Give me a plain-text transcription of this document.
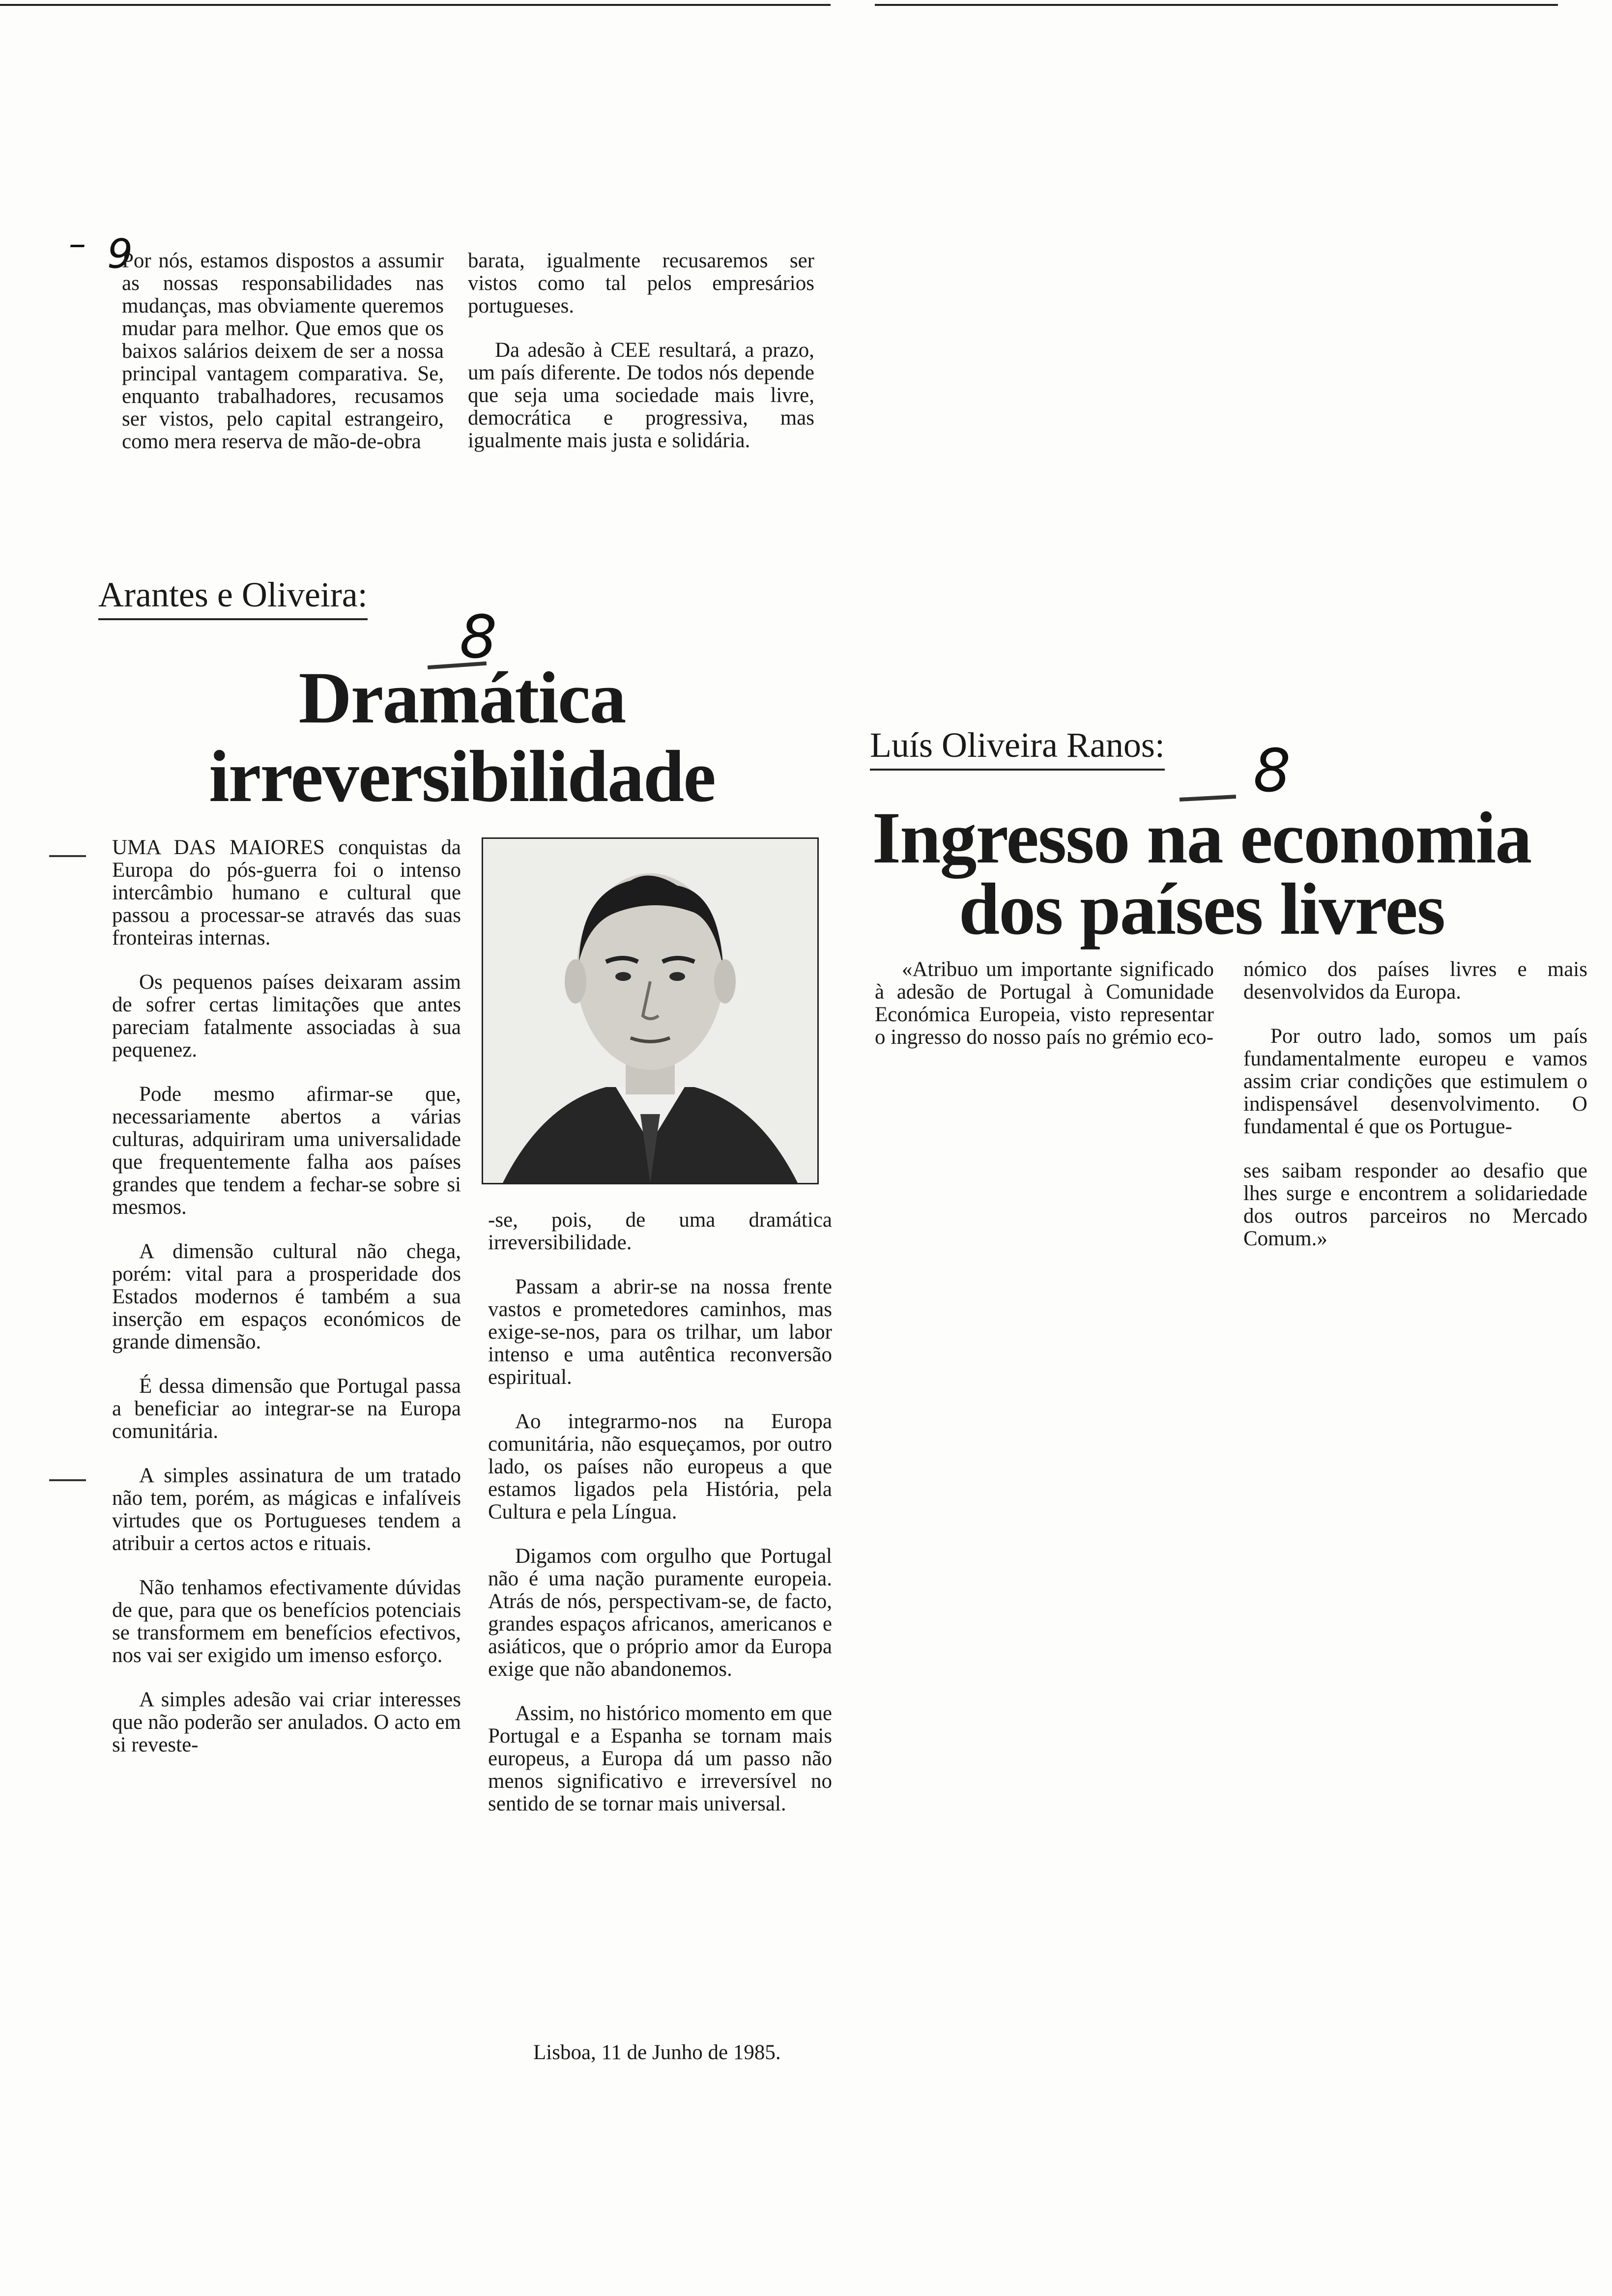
– 9

Por nós, estamos dispostos a assumir as nossas responsabilidades nas mudanças, mas obviamente queremos mudar para melhor. Que emos que os baixos salários deixem de ser a nossa principal vantagem comparativa. Se, enquanto trabalhadores, recusamos ser vistos, pelo capital estrangeiro, como mera reserva de mão-de-obra

barata, igualmente recusaremos ser vistos como tal pelos empresários portugueses.

Da adesão à CEE resultará, a prazo, um país diferente. De todos nós depende que seja uma sociedade mais livre, democrática e progressiva, mas igualmente mais justa e solidária.

Arantes e Oliveira:
8
Dramática
irreversibilidade

UMA DAS MAIORES conquistas da Europa do pós-guerra foi o intenso intercâmbio humano e cultural que passou a processar-se através das suas fronteiras internas.

Os pequenos países deixaram assim de sofrer certas limitações que antes pareciam fatalmente associadas à sua pequenez.

Pode mesmo afirmar-se que, necessariamente abertos a várias culturas, adquiriram uma universalidade que frequentemente falha aos países grandes que tendem a fechar-se sobre si mesmos.

A dimensão cultural não chega, porém: vital para a prosperidade dos Estados modernos é também a sua inserção em espaços económicos de grande dimensão.

É dessa dimensão que Portugal passa a beneficiar ao integrar-se na Europa comunitária.

A simples assinatura de um tratado não tem, porém, as mágicas e infalíveis virtudes que os Portugueses tendem a atribuir a certos actos e rituais.

Não tenhamos efectivamente dúvidas de que, para que os benefícios potenciais se transformem em benefícios efectivos, nos vai ser exigido um imenso esforço.

A simples adesão vai criar interesses que não poderão ser anulados. O acto em si reveste-

-se, pois, de uma dramática irreversibilidade.

Passam a abrir-se na nossa frente vastos e prometedores caminhos, mas exige-se-nos, para os trilhar, um labor intenso e uma autêntica reconversão espiritual.

Ao integrarmo-nos na Europa comunitária, não esqueçamos, por outro lado, os países não europeus a que estamos ligados pela História, pela Cultura e pela Língua.

Digamos com orgulho que Portugal não é uma nação puramente europeia. Atrás de nós, perspectivam-se, de facto, grandes espaços africanos, americanos e asiáticos, que o próprio amor da Europa exige que não abandonemos.

Assim, no histórico momento em que Portugal e a Espanha se tornam mais europeus, a Europa dá um passo não menos significativo e irreversível no sentido de se tornar mais universal.

Lisboa, 11 de Junho de 1985.
Luís Oliveira Ranos: 8
Ingresso na economia
dos países livres

«Atribuo um importante significado à adesão de Portugal à Comunidade Económica Europeia, visto representar o ingresso do nosso país no grémio eco-

nómico dos países livres e mais desenvolvidos da Europa.

Por outro lado, somos um país fundamentalmente europeu e vamos assim criar condições que estimulem o indispensável desenvolvimento. O fundamental é que os Portugue-

ses saibam responder ao desafio que lhes surge e encontrem a solidariedade dos outros parceiros no Mercado Comum.»
